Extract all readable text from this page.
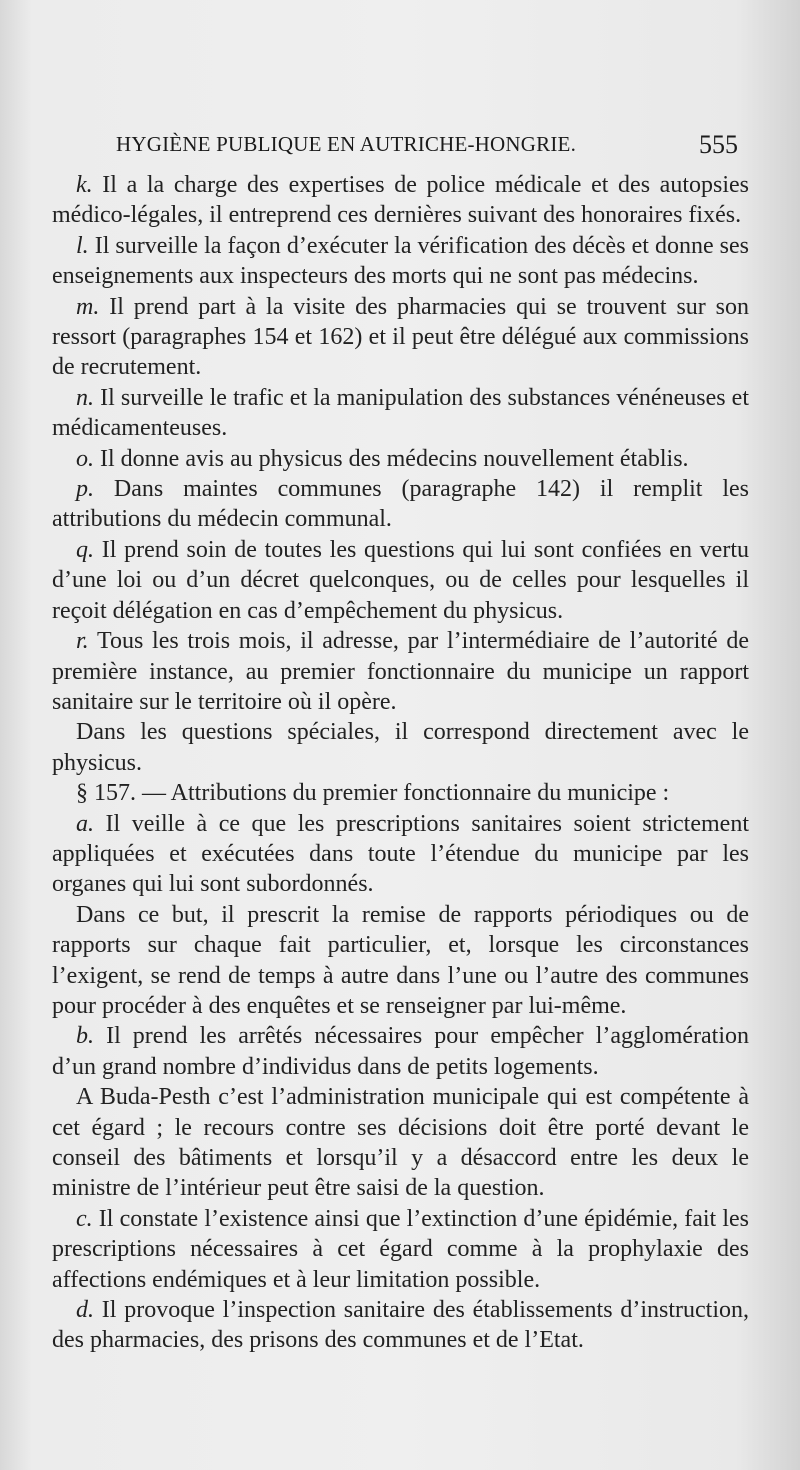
HYGIÈNE PUBLIQUE EN AUTRICHE-HONGRIE.	555

k. Il a la charge des expertises de police médicale et des autopsies médico-légales, il entreprend ces dernières suivant des honoraires fixés.

l. Il surveille la façon d’exécuter la vérification des décès et donne ses enseignements aux inspecteurs des morts qui ne sont pas médecins.

m. Il prend part à la visite des pharmacies qui se trouvent sur son ressort (paragraphes 154 et 162) et il peut être délégué aux commissions de recrutement.

n. Il surveille le trafic et la manipulation des substances vénéneuses et médicamenteuses.

o. Il donne avis au physicus des médecins nouvellement établis.

p. Dans maintes communes (paragraphe 142) il remplit les attributions du médecin communal.

q. Il prend soin de toutes les questions qui lui sont confiées en vertu d’une loi ou d’un décret quelconques, ou de celles pour lesquelles il reçoit délégation en cas d’empêchement du physicus.

r. Tous les trois mois, il adresse, par l’intermédiaire de l’autorité de première instance, au premier fonctionnaire du municipe un rapport sanitaire sur le territoire où il opère.

Dans les questions spéciales, il correspond directement avec le physicus.

§ 157. — Attributions du premier fonctionnaire du municipe :

a. Il veille à ce que les prescriptions sanitaires soient strictement appliquées et exécutées dans toute l’étendue du municipe par les organes qui lui sont subordonnés.

Dans ce but, il prescrit la remise de rapports périodiques ou de rapports sur chaque fait particulier, et, lorsque les circonstances l’exigent, se rend de temps à autre dans l’une ou l’autre des communes pour procéder à des enquêtes et se renseigner par lui-même.

b. Il prend les arrêtés nécessaires pour empêcher l’agglomération d’un grand nombre d’individus dans de petits logements.

A Buda-Pesth c’est l’administration municipale qui est compétente à cet égard ; le recours contre ses décisions doit être porté devant le conseil des bâtiments et lorsqu’il y a désaccord entre les deux le ministre de l’intérieur peut être saisi de la question.

c. Il constate l’existence ainsi que l’extinction d’une épidémie, fait les prescriptions nécessaires à cet égard comme à la prophylaxie des affections endémiques et à leur limitation possible.

d. Il provoque l’inspection sanitaire des établissements d’instruction, des pharmacies, des prisons des communes et de l’Etat.
